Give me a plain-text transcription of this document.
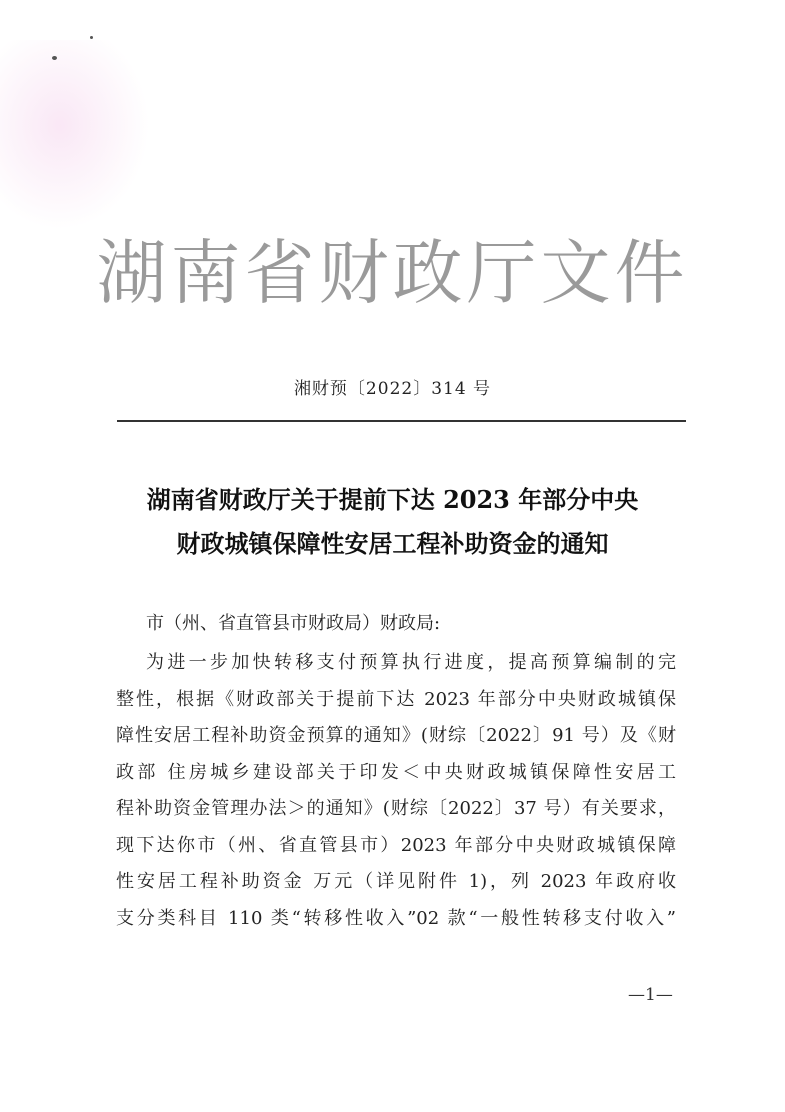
湖南省财政厅文件
湘财预〔2022〕314 号
湖南省财政厅关于提前下达 2023 年部分中央
财政城镇保障性安居工程补助资金的通知
市（州、省直管县市财政局）财政局:
为进一步加快转移支付预算执行进度，提高预算编制的完
整性，根据《财政部关于提前下达 2023 年部分中央财政城镇保
障性安居工程补助资金预算的通知》(财综〔2022〕91 号）及《财
政部 住房城乡建设部关于印发＜中央财政城镇保障性安居工
程补助资金管理办法＞的通知》(财综〔2022〕37 号）有关要求，
现下达你市（州、省直管县市）2023 年部分中央财政城镇保障
性安居工程补助资金 万元（详见附件 1)，列 2023 年政府收
支分类科目 110 类“转移性收入”02 款“一般性转移支付收入”
—1—
